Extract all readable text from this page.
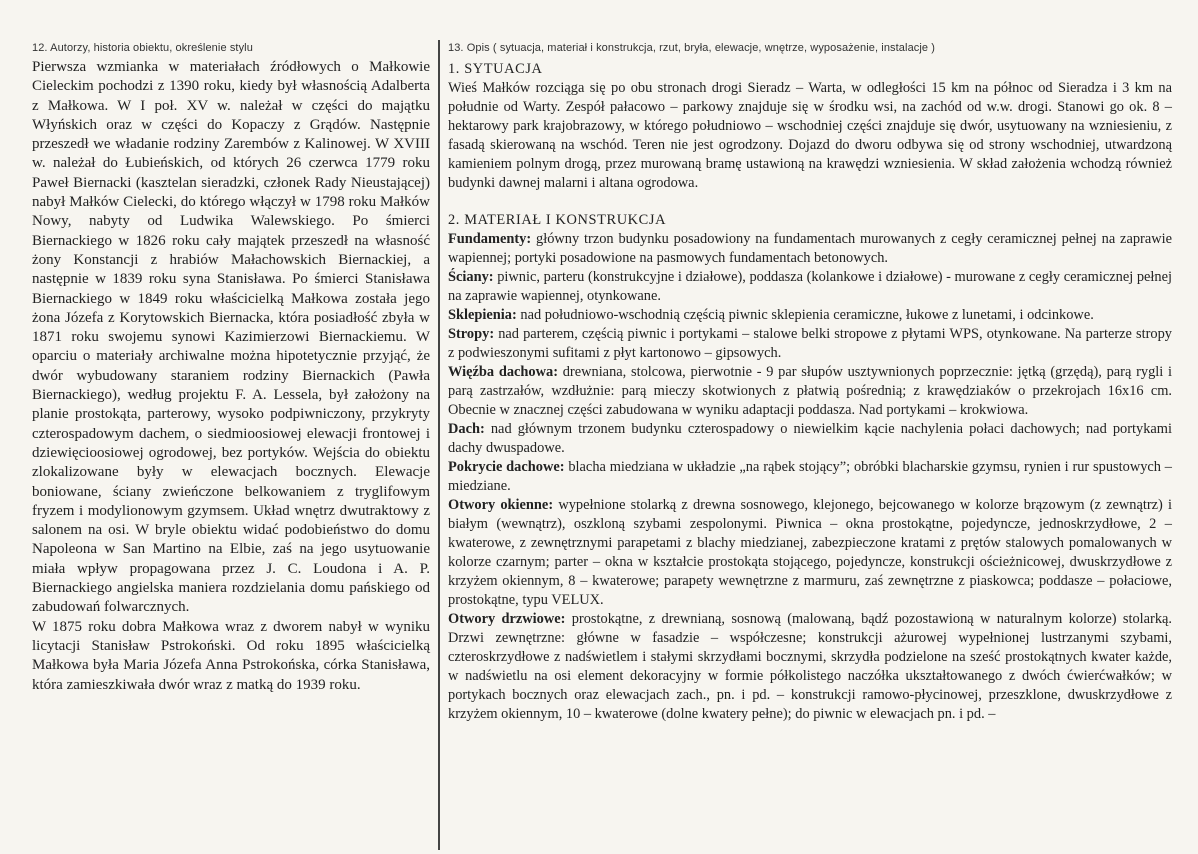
12. Autorzy, historia obiektu, określenie stylu	13. Opis ( sytuacja, materiał i konstrukcja, rzut, bryła, elewacje, wnętrze, wyposażenie, instalacje )

Pierwsza wzmianka w materiałach źródłowych o Małkowie Cieleckim pochodzi z 1390 roku, kiedy był własnością Adalberta z Małkowa. W I poł. XV w. należał w części do majątku Włyńskich oraz w części do Kopaczy z Grądów. Następnie przeszedł we władanie rodziny Zarembów z Kalinowej. W XVIII w. należał do Łubieńskich, od których 26 czerwca 1779 roku Paweł Biernacki (kasztelan sieradzki, członek Rady Nieustającej) nabył Małków Cielecki, do którego włączył w 1798 roku Małków Nowy, nabyty od Ludwika Walewskiego. Po śmierci Biernackiego w 1826 roku cały majątek przeszedł na własność żony Konstancji z hrabiów Małachowskich Biernackiej, a następnie w 1839 roku syna Stanisława. Po śmierci Stanisława Biernackiego w 1849 roku właścicielką Małkowa została jego żona Józefa z Korytowskich Biernacka, która posiadłość zbyła w 1871 roku swojemu synowi Kazimierzowi Biernackiemu. W oparciu o materiały archiwalne można hipotetycznie przyjąć, że dwór wybudowany staraniem rodziny Biernackich (Pawła Biernackiego), według projektu F. A. Lessela, był założony na planie prostokąta, parterowy, wysoko podpiwniczony, przykryty czterospadowym dachem, o siedmioosiowej elewacji frontowej i dziewięcioosiowej ogrodowej, bez portyków. Wejścia do obiektu zlokalizowane były w elewacjach bocznych. Elewacje boniowane, ściany zwieńczone belkowaniem z tryglifowym fryzem i modylionowym gzymsem. Układ wnętrz dwutraktowy z salonem na osi. W bryle obiektu widać podobieństwo do domu Napoleona w San Martino na Elbie, zaś na jego usytuowanie miała wpływ propagowana przez J. C. Loudona i A. P. Biernackiego angielska maniera rozdzielania domu pańskiego od zabudowań folwarcznych.

W 1875 roku dobra Małkowa wraz z dworem nabył w wyniku licytacji Stanisław Pstrokoński. Od roku 1895 właścicielką Małkowa była Maria Józefa Anna Pstrokońska, córka Stanisława, która zamieszkiwała dwór wraz z matką do 1939 roku.

1. SYTUACJA

Wieś Małków rozciąga się po obu stronach drogi Sieradz – Warta, w odległości 15 km na północ od Sieradza i 3 km na południe od Warty. Zespół pałacowo – parkowy znajduje się w środku wsi, na zachód od w.w. drogi. Stanowi go ok. 8 – hektarowy park krajobrazowy, w którego południowo – wschodniej części znajduje się dwór, usytuowany na wzniesieniu, z fasadą skierowaną na wschód. Teren nie jest ogrodzony. Dojazd do dworu odbywa się od strony wschodniej, utwardzoną kamieniem polnym drogą, przez murowaną bramę ustawioną na krawędzi wzniesienia. W skład założenia wchodzą również budynki dawnej malarni i altana ogrodowa.

2. MATERIAŁ I KONSTRUKCJA

Fundamenty: główny trzon budynku posadowiony na fundamentach murowanych z cegły ceramicznej pełnej na zaprawie wapiennej; portyki posadowione na pasmowych fundamentach betonowych.

Ściany: piwnic, parteru (konstrukcyjne i działowe), poddasza (kolankowe i działowe) - murowane z cegły ceramicznej pełnej na zaprawie wapiennej, otynkowane.

Sklepienia: nad południowo-wschodnią częścią piwnic sklepienia ceramiczne, łukowe z lunetami, i odcinkowe.

Stropy: nad parterem, częścią piwnic i portykami – stalowe belki stropowe z płytami WPS, otynkowane. Na parterze stropy z podwieszonymi sufitami z płyt kartonowo – gipsowych.

Więźba dachowa: drewniana, stolcowa, pierwotnie - 9 par słupów usztywnionych poprzecznie: jętką (grzędą), parą rygli i parą zastrzałów, wzdłużnie: parą mieczy skotwionych z płatwią pośrednią; z krawędziaków o przekrojach 16x16 cm. Obecnie w znacznej części zabudowana w wyniku adaptacji poddasza. Nad portykami – krokwiowa.

Dach: nad głównym trzonem budynku czterospadowy o niewielkim kącie nachylenia połaci dachowych; nad portykami dachy dwuspadowe.

Pokrycie dachowe: blacha miedziana w układzie „na rąbek stojący”; obróbki blacharskie gzymsu, rynien i rur spustowych – miedziane.

Otwory okienne: wypełnione stolarką z drewna sosnowego, klejonego, bejcowanego w kolorze brązowym (z zewnątrz) i białym (wewnątrz), oszkloną szybami zespolonymi. Piwnica – okna prostokątne, pojedyncze, jednoskrzydłowe, 2 – kwaterowe, z zewnętrznymi parapetami z blachy miedzianej, zabezpieczone kratami z prętów stalowych pomalowanych w kolorze czarnym; parter – okna w kształcie prostokąta stojącego, pojedyncze, konstrukcji ościeżnicowej, dwuskrzydłowe z krzyżem okiennym, 8 – kwaterowe; parapety wewnętrzne z marmuru, zaś zewnętrzne z piaskowca; poddasze – połaciowe, prostokątne, typu VELUX.

Otwory drzwiowe: prostokątne, z drewnianą, sosnową (malowaną, bądź pozostawioną w naturalnym kolorze) stolarką. Drzwi zewnętrzne: główne w fasadzie – współczesne; konstrukcji ażurowej wypełnionej lustrzanymi szybami, czteroskrzydłowe z nadświetlem i stałymi skrzydłami bocznymi, skrzydła podzielone na sześć prostokątnych kwater każde, w nadświetlu na osi element dekoracyjny w formie półkolistego naczółka ukształtowanego z dwóch ćwierćwałków; w portykach bocznych oraz elewacjach zach., pn. i pd. – konstrukcji ramowo-płycinowej, przeszklone, dwuskrzydłowe z krzyżem okiennym, 10 – kwaterowe (dolne kwatery pełne); do piwnic w elewacjach pn. i pd. –
